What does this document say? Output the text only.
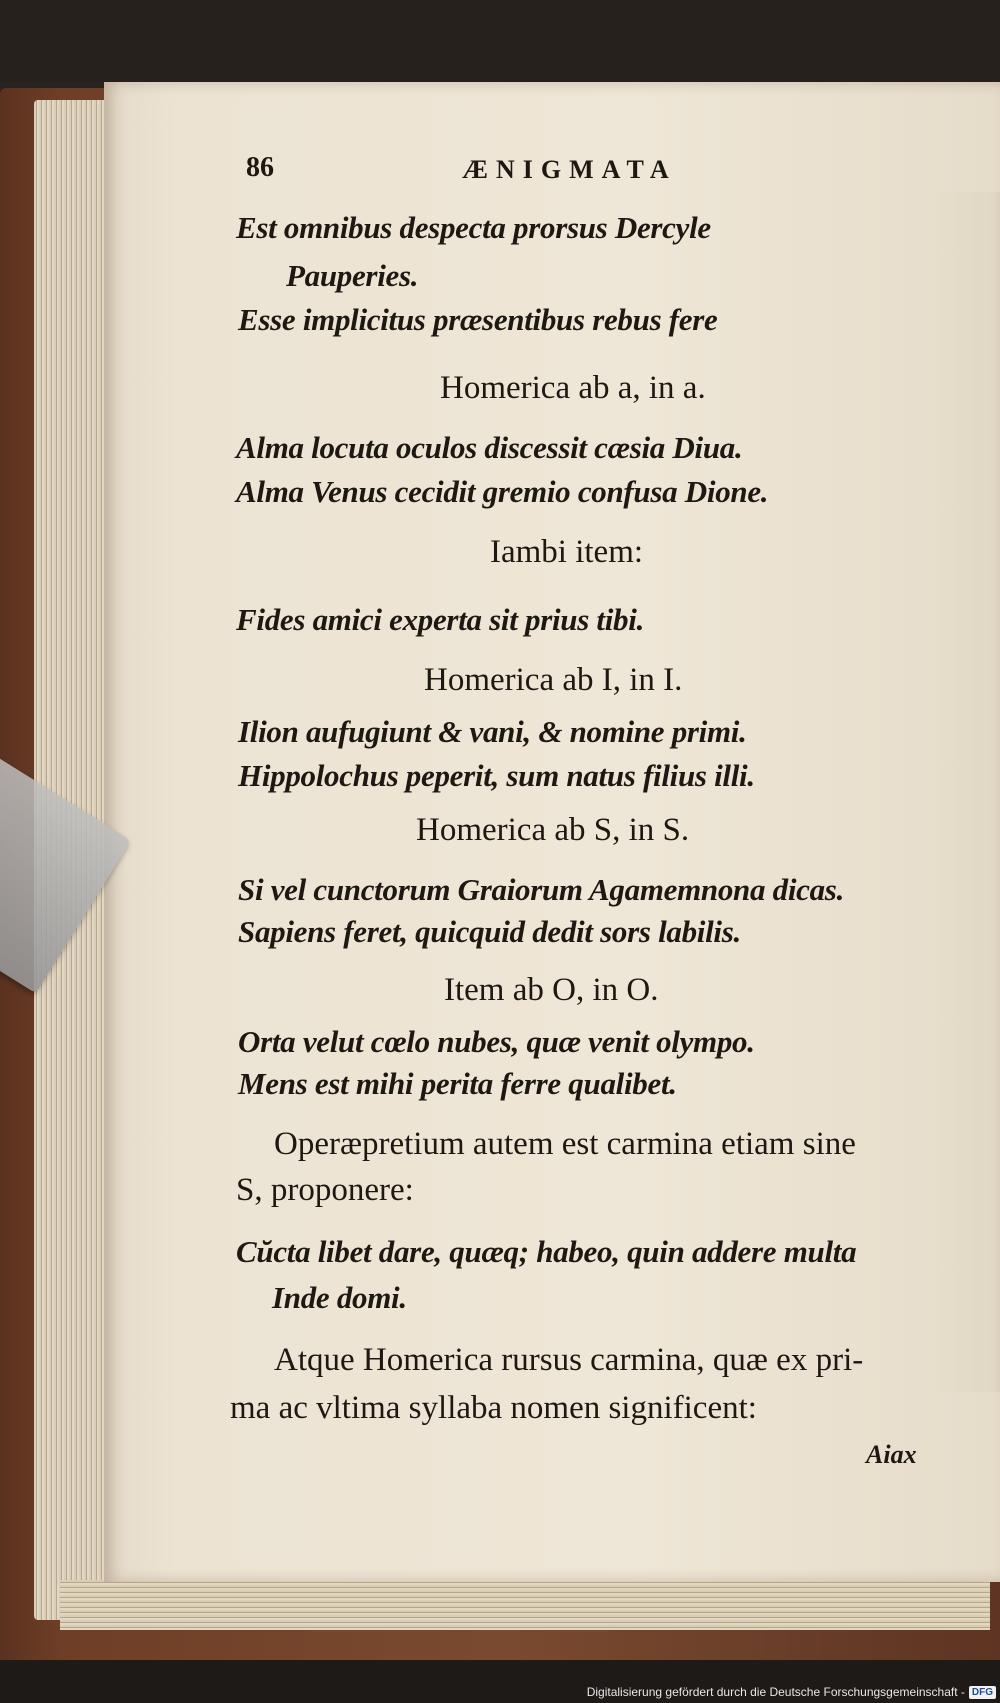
86	ÆNIGMATA
Est omnibus despecta prorsus Dercyle
Pauperies.
Esse implicitus præsentibus rebus fere
Homerica ab a, in a.
Alma locuta oculos discessit cæsia Diua.
Alma Venus cecidit gremio confusa Dione.
Iambi item:
Fides amici experta sit prius tibi.
Homerica ab I, in I.
Ilion aufugiunt & vani, & nomine primi.
Hippolochus peperit, sum natus filius illi.
Homerica ab S, in S.
Si vel cunctorum Graiorum Agamemnona dicas.
Sapiens feret, quicquid dedit sors labilis.
Item ab O, in O.
Orta velut cœlo nubes, quæ venit olympo.
Mens est mihi perita ferre qualibet.
Operæpretium autem est carmina etiam sine
S, proponere:
Cŭcta libet dare, quæq; habeo, quin addere multa
Inde domi.
Atque Homerica rursus carmina, quæ ex pri-
ma ac vltima syllaba nomen significent:
Aiax
Digitalisierung gefördert durch die Deutsche Forschungsgemeinschaft - DFG
